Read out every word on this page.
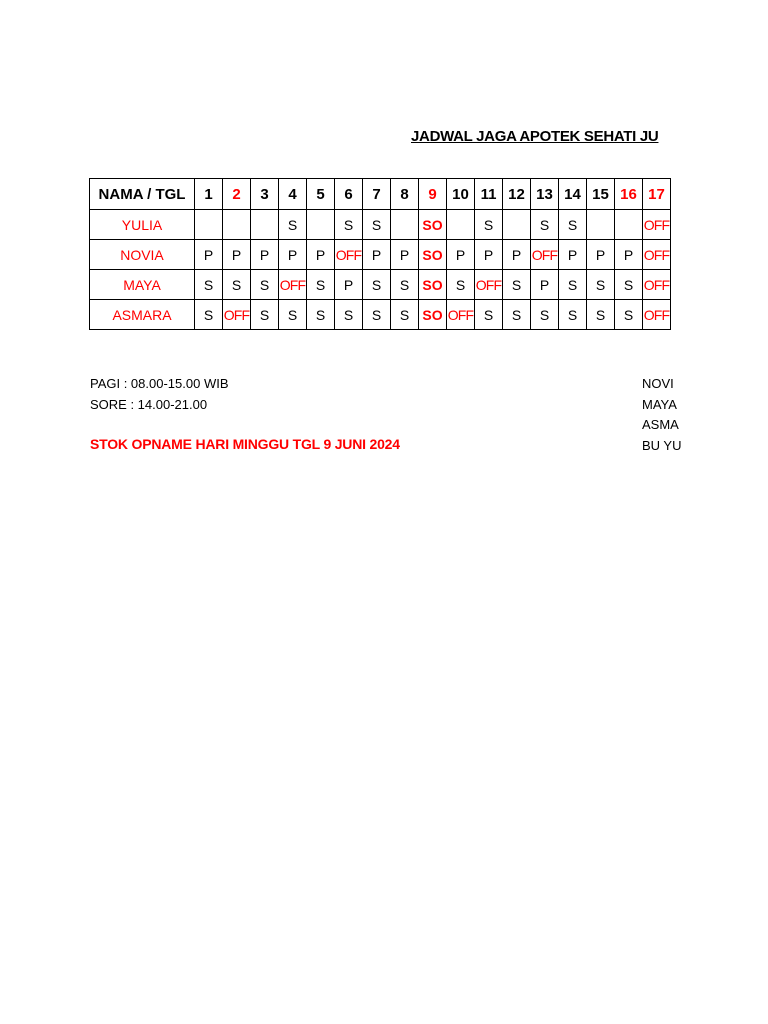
JADWAL JAGA APOTEK SEHATI JU
NAMA / TGL	1	2	3	4	5	6	7	8	9	10	11	12	13	14	15	16	17
YULIA				S		S	S		SO		S		S	S			OFF
NOVIA	P	P	P	P	P	OFF	P	P	SO	P	P	P	OFF	P	P	P	OFF
MAYA	S	S	S	OFF	S	P	S	S	SO	S	OFF	S	P	S	S	S	OFF
ASMARA	S	OFF	S	S	S	S	S	S	SO	OFF	S	S	S	S	S	S	OFF
PAGI : 08.00-15.00 WIB
SORE : 14.00-21.00
STOK OPNAME HARI MINGGU TGL 9 JUNI 2024
NOVI
MAYA
ASMA
BU YU
